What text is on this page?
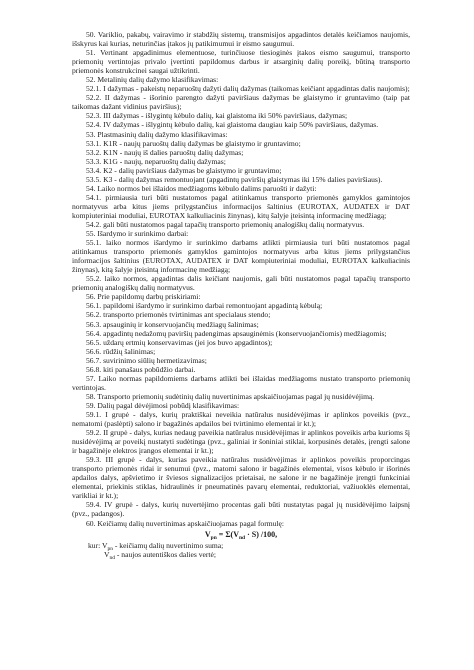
50. Variklio, pakabų, vairavimo ir stabdžių sistemų, transmisijos apgadintos detalės keičiamos naujomis, išskyrus kai kurias, neturinčias įtakos jų patikimumui ir eismo saugumui.

51. Vertinant apgadinimus elementuose, turinčiuose tiesioginės įtakos eismo saugumui, transporto priemonių vertintojas privalo įvertinti papildomus darbus ir atsarginių dalių poreikį, būtiną transporto priemonės konstrukcinei saugai užtikrinti.

52. Metalinių dalių dažymo klasifikavimas:

52.1. I dažymas - pakeistų neparuoštų dažyti dalių dažymas (taikomas keičiant apgadintas dalis naujomis);

52.2. II dažymas - išorinio parengto dažyti paviršiaus dažymas be glaistymo ir gruntavimo (taip pat taikomas dažant vidinius paviršius);

52.3. III dažymas - išlygintų kėbulo dalių, kai glaistoma iki 50% paviršiaus, dažymas;

52.4. IV dažymas - išlygintų kėbulo dalių, kai glaistoma daugiau kaip 50% paviršiaus, dažymas.

53. Plastmasinių dalių dažymo klasifikavimas:

53.1. K1R - naujų paruoštų dalių dažymas be glaistymo ir gruntavimo;

53.2. K1N - naujų iš dalies paruoštų dalių dažymas;

53.3. K1G - naujų, neparuoštų dalių dažymas;

53.4. K2 - dalių paviršiaus dažymas be glaistymo ir gruntavimo;

53.5. K3 - dalių dažymas remontuojant (apgadintų paviršių glaistymas iki 15% dalies paviršiaus).

54. Laiko normos bei išlaidos medžiagoms kėbulo dalims paruošti ir dažyti:

54.1. pirmiausia turi būti nustatomos pagal atitinkamus transporto priemonės gamyklos gamintojos normatyvus arba kitus jiems prilygstančius informacijos šaltinius (EUROTAX, AUDATEX ir DAT kompiuteriniai moduliai, EUROTAX kalkuliacinis žinynas), kitų šalyje įteisintą informacinę medžiagą;

54.2. gali būti nustatomos pagal tapačių transporto priemonių analogiškų dalių normatyvus.

55. Išardymo ir surinkimo darbai:

55.1. laiko normos išardymo ir surinkimo darbams atlikti pirmiausia turi būti nustatomos pagal atitinkamus transporto priemonės gamyklos gamintojos normatyvus arba kitus jiems prilygstančius informacijos šaltinius (EUROTAX, AUDATEX ir DAT kompiuteriniai moduliai, EUROTAX kalkuliacinis žinynas), kitą šalyje įteisintą informacinę medžiagą;

55.2. laiko normos, apgadintas dalis keičiant naujomis, gali būti nustatomos pagal tapačių transporto priemonių analogiškų dalių normatyvus.

56. Prie papildomų darbų priskiriami:

56.1. papildomi išardymo ir surinkimo darbai remontuojant apgadintą kėbulą;

56.2. transporto priemonės tvirtinimas ant specialaus stendo;

56.3. apsauginių ir konservuojančių medžiagų šalinimas;

56.4. apgadintų nedažomų paviršių padengimas apsauginėmis (konservuojančiomis) medžiagomis;

56.5. uždarų ertmių konservavimas (jei jos buvo apgadintos);

56.6. rūdžių šalinimas;

56.7. suvirinimo siūlių hermetizavimas;

56.8. kiti panašaus pobūdžio darbai.

57. Laiko normas papildomiems darbams atlikti bei išlaidas medžiagoms nustato transporto priemonių vertintojas.

58. Transporto priemonių sudėtinių dalių nuvertinimas apskaičiuojamas pagal jų nusidėvėjimą.

59. Dalių pagal dėvėjimosi pobūdį klasifikavimas:

59.1. I grupė - dalys, kurių praktiškai neveikia natūralus nusidėvėjimas ir aplinkos poveikis (pvz., nematomi (paslėpti) salono ir bagažinės apdailos bei tvirtinimo elementai ir kt.);

59.2. II grupė - dalys, kurias nedaug paveikia natūralus nusidėvėjimas ir aplinkos poveikis arba kurioms šį nusidėvėjimą ar poveikį nustatyti sudėtinga (pvz., galiniai ir šoniniai stiklai, korpusinės detalės, įrengti salone ir bagažinėje elektros įrangos elementai ir kt.);

59.3. III grupė - dalys, kurias paveikia natūralus nusidėvėjimas ir aplinkos poveikis proporcingas transporto priemonės ridai ir senumui (pvz., matomi salono ir bagažinės elementai, visos kėbulo ir išorinės apdailos dalys, apšvietimo ir šviesos signalizacijos prietaisai, ne salone ir ne bagažinėje įrengti funkciniai elementai, priekinis stiklas, hidraulinės ir pneumatinės pavarų elementai, reduktoriai, važiuoklės elementai, varikliai ir kt.);

59.4. IV grupė - dalys, kurių nuvertėjimo procentas gali būti nustatytas pagal jų nusidėvėjimo laipsnį (pvz., padangos).

60. Keičiamų dalių nuvertinimas apskaičiuojamas pagal formulę:

$V_{pn} = \Sigma(V_{nd} \cdot S)$ /100,

kur: $V_{pn}$ - keičiamų dalių nuvertinimo suma;

$V_{nd}$ - naujos autentiškos dalies vertė;
